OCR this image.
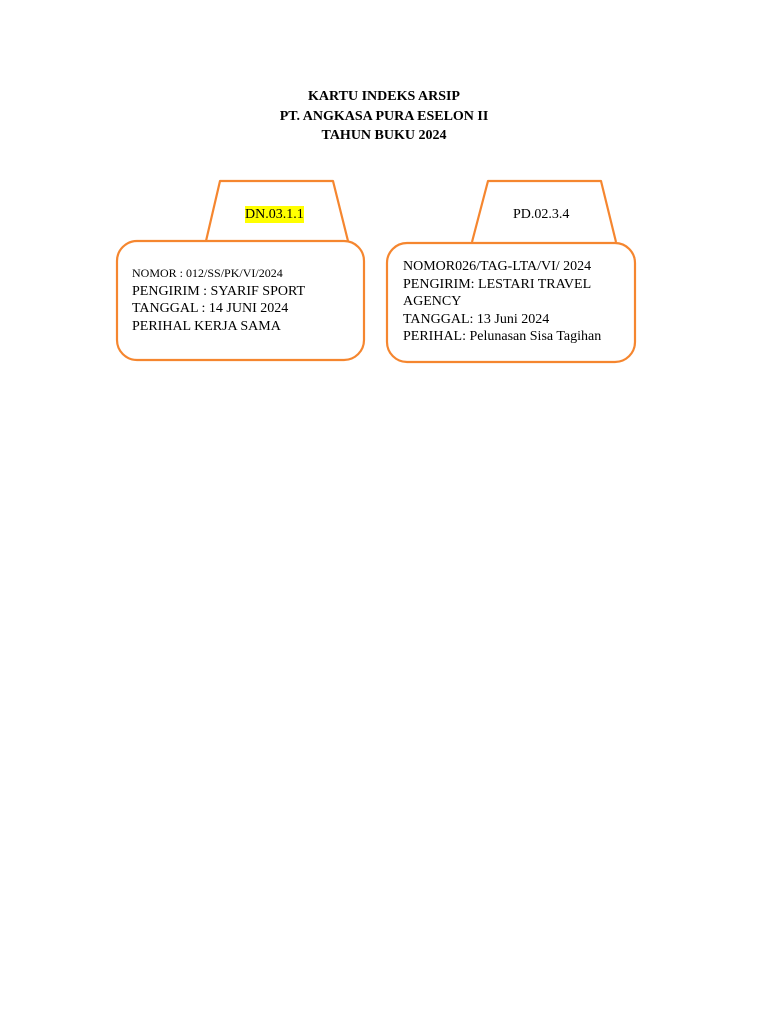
KARTU INDEKS ARSIP
PT. ANGKASA PURA ESELON II
TAHUN BUKU 2024
DN.03.1.1
NOMOR : 012/SS/PK/VI/2024
PENGIRIM : SYARIF SPORT
TANGGAL : 14 JUNI 2024
PERIHAL KERJA SAMA
PD.02.3.4
NOMOR026/TAG-LTA/VI/ 2024
PENGIRIM: LESTARI TRAVEL
AGENCY
TANGGAL: 13 Juni 2024
PERIHAL: Pelunasan Sisa Tagihan
